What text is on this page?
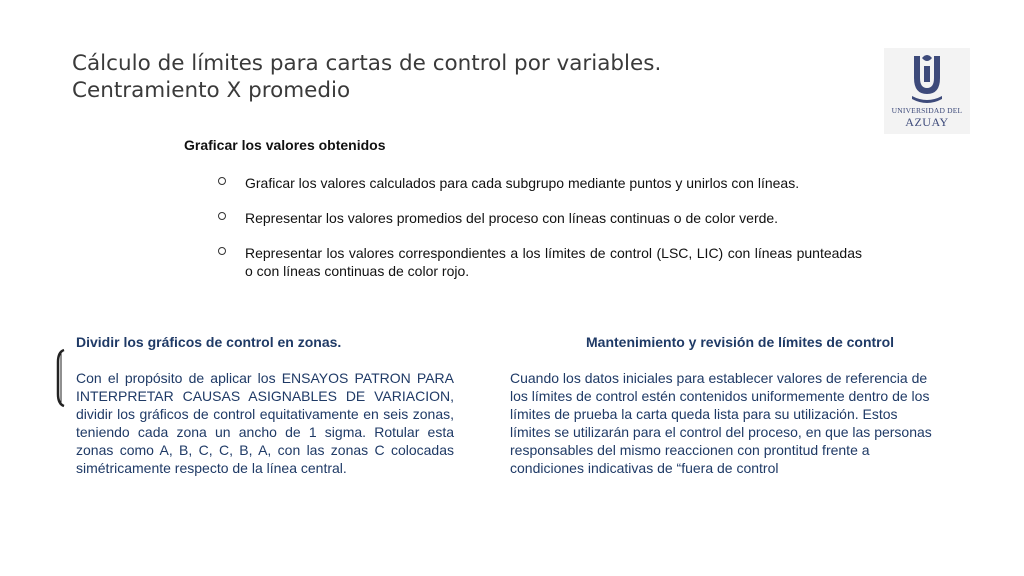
Cálculo de límites para cartas de control por variables.
Centramiento X promedio
UNIVERSIDAD DEL
AZUAY
Graficar los valores obtenidos
Graficar los valores calculados para cada subgrupo mediante puntos y unirlos con líneas.
Representar los valores promedios del proceso con líneas continuas o de color verde.
Representar los valores correspondientes a los límites de control (LSC, LIC) con líneas punteadas o con líneas continuas de color rojo.
Dividir los gráficos de control en zonas.

Con el propósito de aplicar los ENSAYOS PATRON PARA INTERPRETAR CAUSAS ASIGNABLES DE VARIACION, dividir los gráficos de control equitativamente en seis zonas, teniendo cada zona un ancho de 1 sigma. Rotular esta zonas como A, B, C, C, B, A, con las zonas C colocadas simétricamente respecto de la línea central.

Mantenimiento y revisión de límites de control

Cuando los datos iniciales para establecer valores de referencia de los límites de control estén contenidos uniformemente dentro de los límites de prueba la carta queda lista para su utilización. Estos límites se utilizarán para el control del proceso, en que las personas responsables del mismo reaccionen con prontitud frente a condiciones indicativas de “fuera de control
